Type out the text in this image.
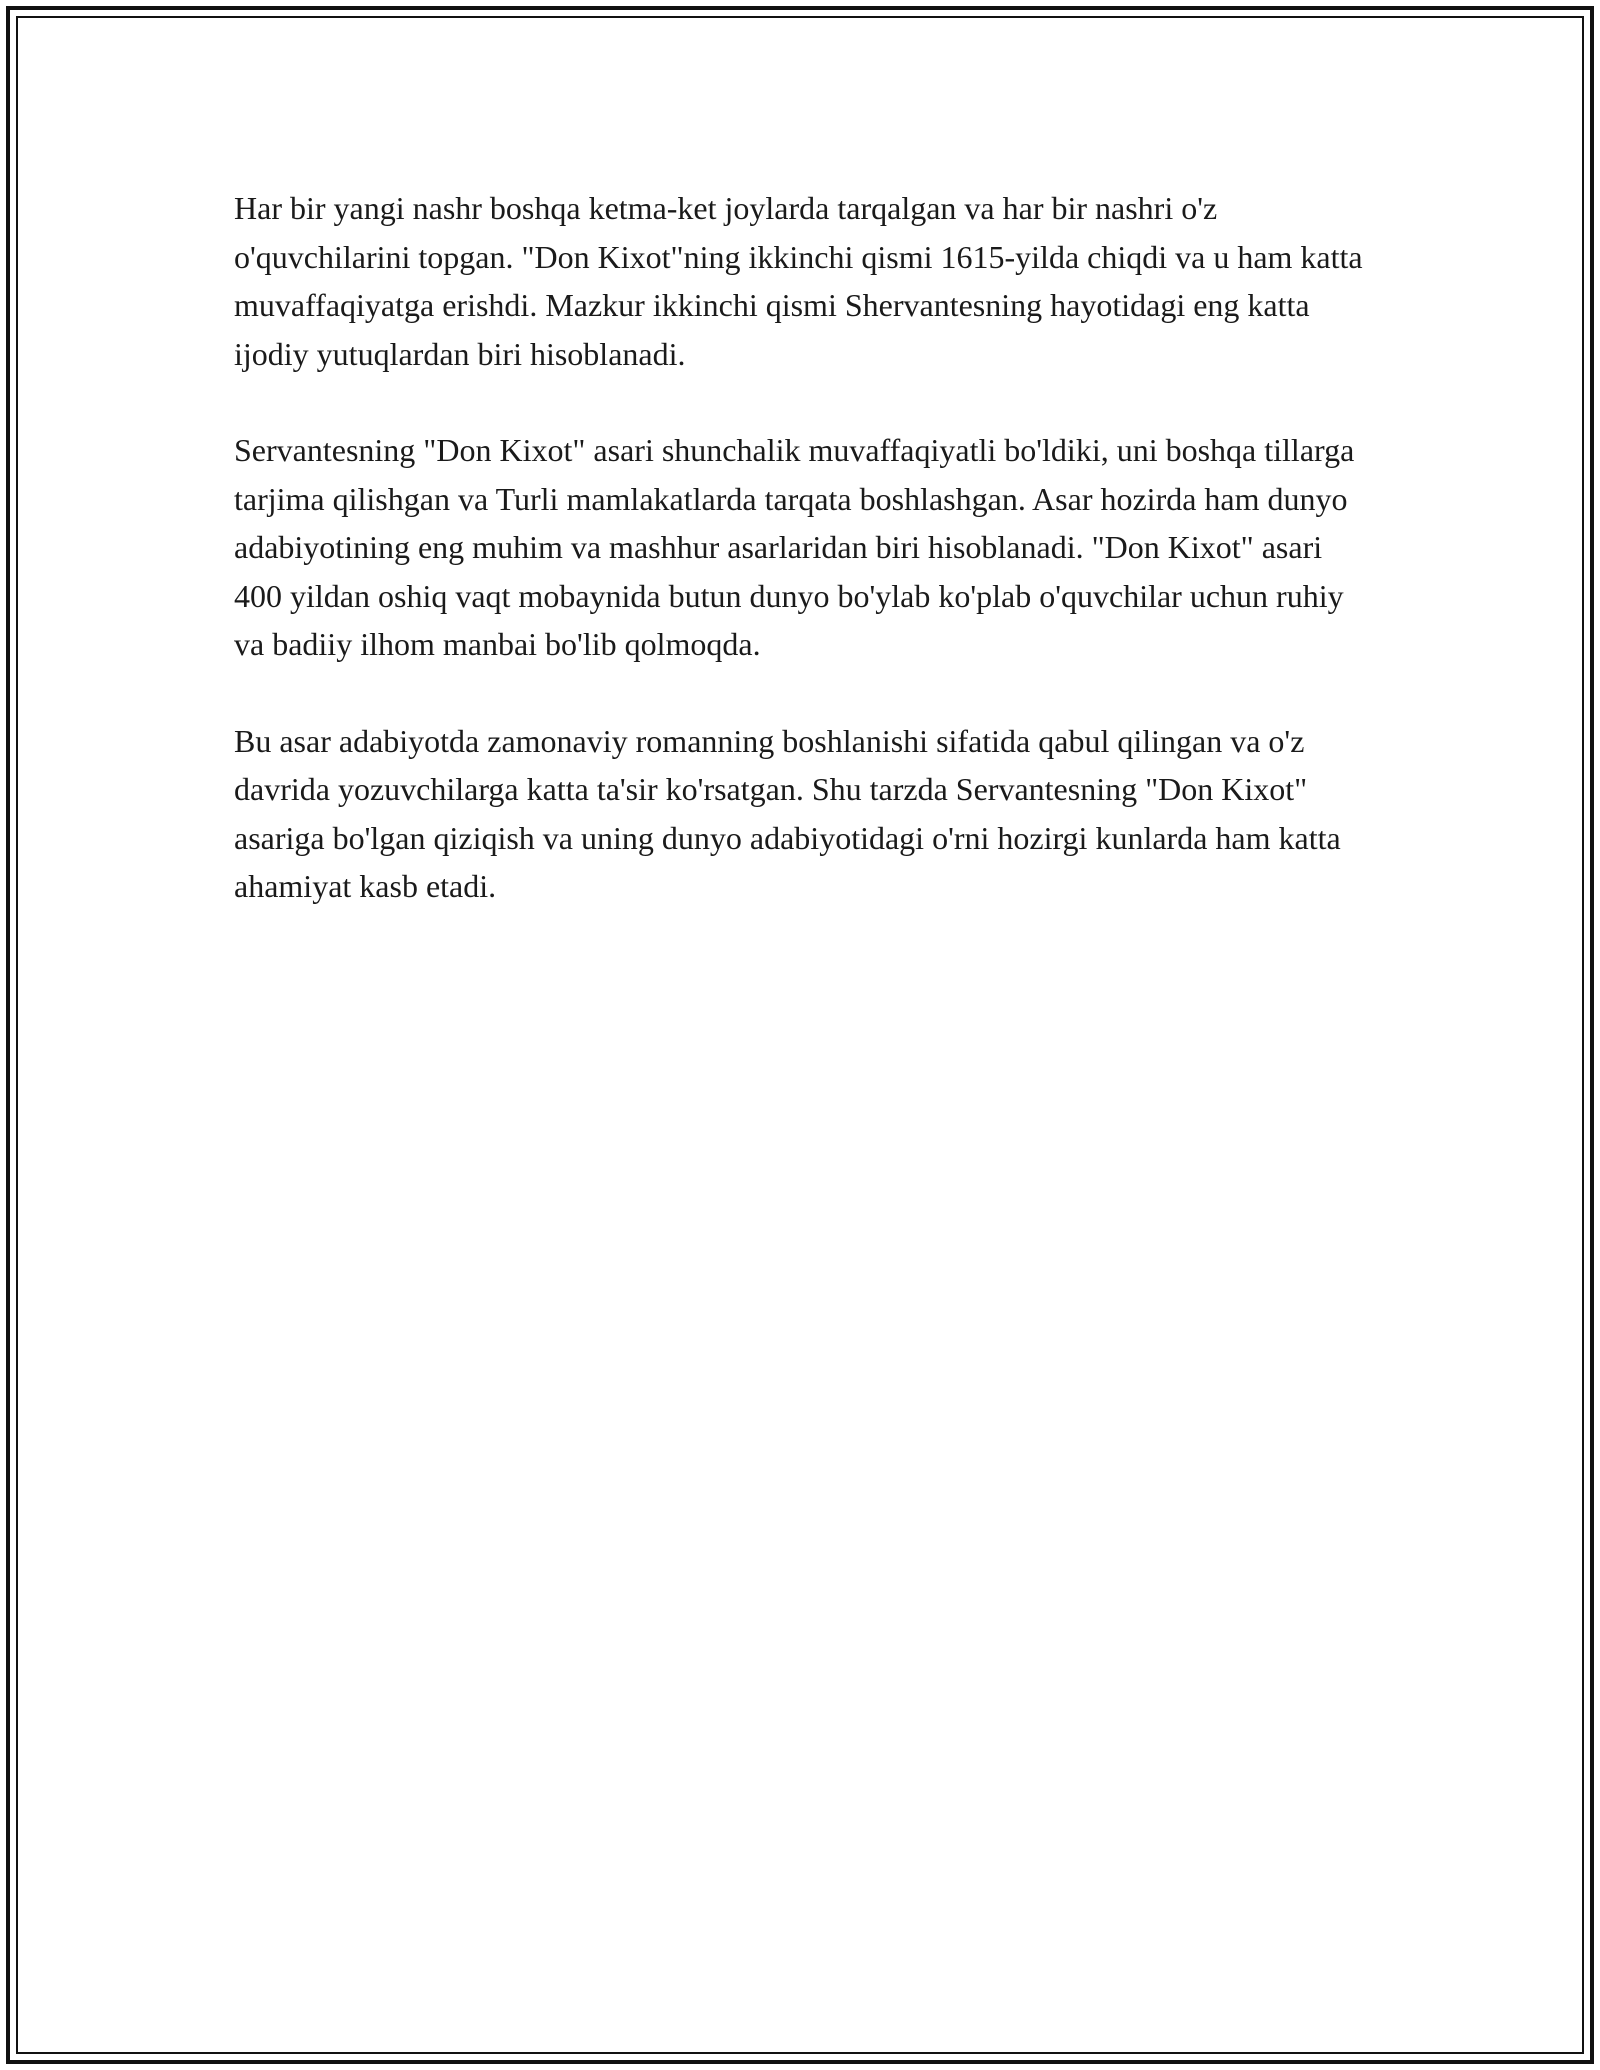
Har bir yangi nashr boshqa ketma-ket joylarda tarqalgan va har bir nashri o'z o'quvchilarini topgan. "Don Kixot"ning ikkinchi qismi 1615-yilda chiqdi va u ham katta muvaffaqiyatga erishdi. Mazkur ikkinchi qismi Shervantesning hayotidagi eng katta ijodiy yutuqlardan biri hisoblanadi.

Servantesning "Don Kixot" asari shunchalik muvaffaqiyatli bo'ldiki, uni boshqa tillarga tarjima qilishgan va Turli mamlakatlarda tarqata boshlashgan. Asar hozirda ham dunyo adabiyotining eng muhim va mashhur asarlaridan biri hisoblanadi. "Don Kixot" asari 400 yildan oshiq vaqt mobaynida butun dunyo bo'ylab ko'plab o'quvchilar uchun ruhiy va badiiy ilhom manbai bo'lib qolmoqda.

Bu asar adabiyotda zamonaviy romanning boshlanishi sifatida qabul qilingan va o'z davrida yozuvchilarga katta ta'sir ko'rsatgan. Shu tarzda Servantesning "Don Kixot" asariga bo'lgan qiziqish va uning dunyo adabiyotidagi o'rni hozirgi kunlarda ham katta ahamiyat kasb etadi.
